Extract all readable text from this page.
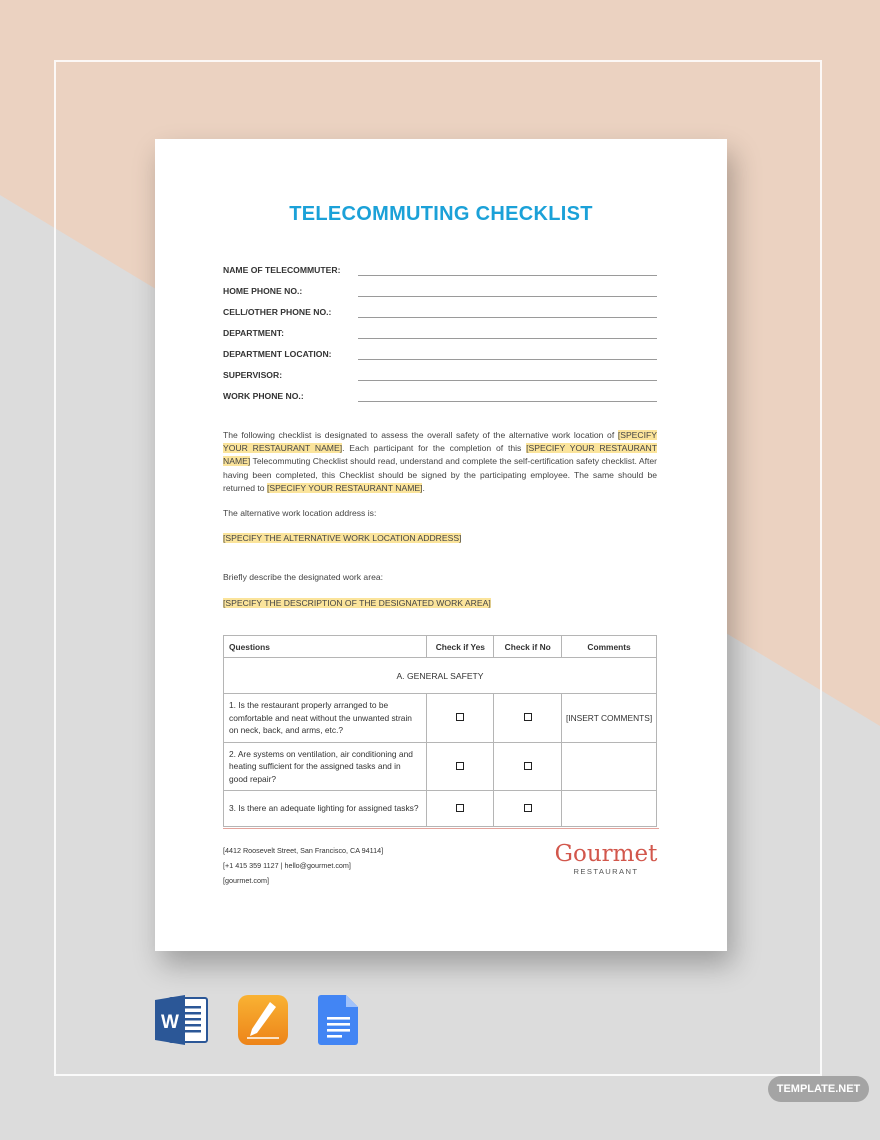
TELECOMMUTING CHECKLIST
NAME OF TELECOMMUTER:
HOME PHONE NO.:
CELL/OTHER PHONE NO.:
DEPARTMENT:
DEPARTMENT LOCATION:
SUPERVISOR:
WORK PHONE NO.:
The following checklist is designated to assess the overall safety of the alternative work location of [SPECIFY YOUR RESTAURANT NAME]. Each participant for the completion of this [SPECIFY YOUR RESTAURANT NAME] Telecommuting Checklist should read, understand and complete the self-certification safety checklist. After having been completed, this Checklist should be signed by the participating employee. The same should be returned to [SPECIFY YOUR RESTAURANT NAME].
The alternative work location address is:
[SPECIFY THE ALTERNATIVE WORK LOCATION ADDRESS]
Briefly describe the designated work area:
[SPECIFY THE DESCRIPTION OF THE DESIGNATED WORK AREA]
Questions	Check if Yes	Check if No	Comments
A. GENERAL SAFETY			
1. Is the restaurant properly arranged to be comfortable and neat without the unwanted strain on neck, back, and arms, etc.?			[INSERT COMMENTS]
2. Are systems on ventilation, air conditioning and heating sufficient for the assigned tasks and in good repair?			
3. Is there an adequate lighting for assigned tasks?			
[4412 Roosevelt Street, San Francisco, CA 94114]
[+1 415 359 1127 | hello@gourmet.com]
[gourmet.com]
Gourmet
RESTAURANT
W
TEMPLATE.NET
